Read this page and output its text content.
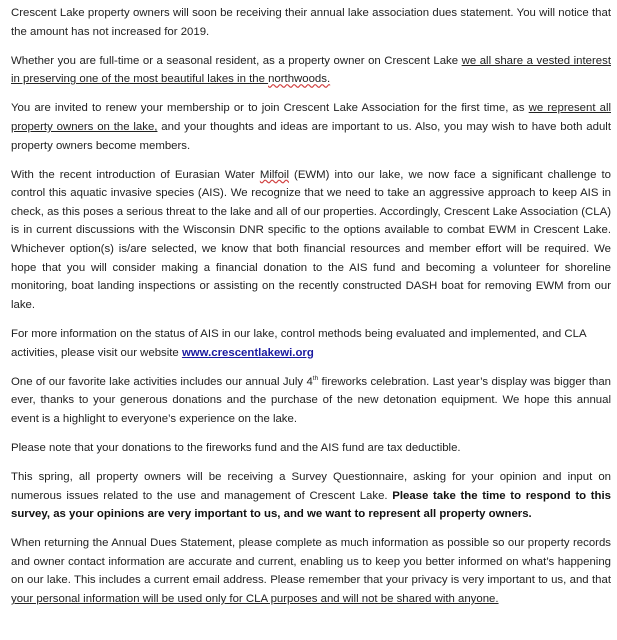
Crescent Lake property owners will soon be receiving their annual lake association dues statement. You will notice that the amount has not increased for 2019.

Whether you are full-time or a seasonal resident, as a property owner on Crescent Lake we all share a vested interest in preserving one of the most beautiful lakes in the northwoods.

You are invited to renew your membership or to join Crescent Lake Association for the first time, as we represent all property owners on the lake, and your thoughts and ideas are important to us. Also, you may wish to have both adult property owners become members.

With the recent introduction of Eurasian Water Milfoil (EWM) into our lake, we now face a significant challenge to control this aquatic invasive species (AIS). We recognize that we need to take an aggressive approach to keep AIS in check, as this poses a serious threat to the lake and all of our properties. Accordingly, Crescent Lake Association (CLA) is in current discussions with the Wisconsin DNR specific to the options available to combat EWM in Crescent Lake. Whichever option(s) is/are selected, we know that both financial resources and member effort will be required. We hope that you will consider making a financial donation to the AIS fund and becoming a volunteer for shoreline monitoring, boat landing inspections or assisting on the recently constructed DASH boat for removing EWM from our lake.

For more information on the status of AIS in our lake, control methods being evaluated and implemented, and CLA activities, please visit our website www.crescentlakewi.org

One of our favorite lake activities includes our annual July 4th fireworks celebration. Last year’s display was bigger than ever, thanks to your generous donations and the purchase of the new detonation equipment. We hope this annual event is a highlight to everyone’s experience on the lake.

Please note that your donations to the fireworks fund and the AIS fund are tax deductible.

This spring, all property owners will be receiving a Survey Questionnaire, asking for your opinion and input on numerous issues related to the use and management of Crescent Lake. Please take the time to respond to this survey, as your opinions are very important to us, and we want to represent all property owners.

When returning the Annual Dues Statement, please complete as much information as possible so our property records and owner contact information are accurate and current, enabling us to keep you better informed on what’s happening on our lake. This includes a current email address. Please remember that your privacy is very important to us, and that your personal information will be used only for CLA purposes and will not be shared with anyone.
